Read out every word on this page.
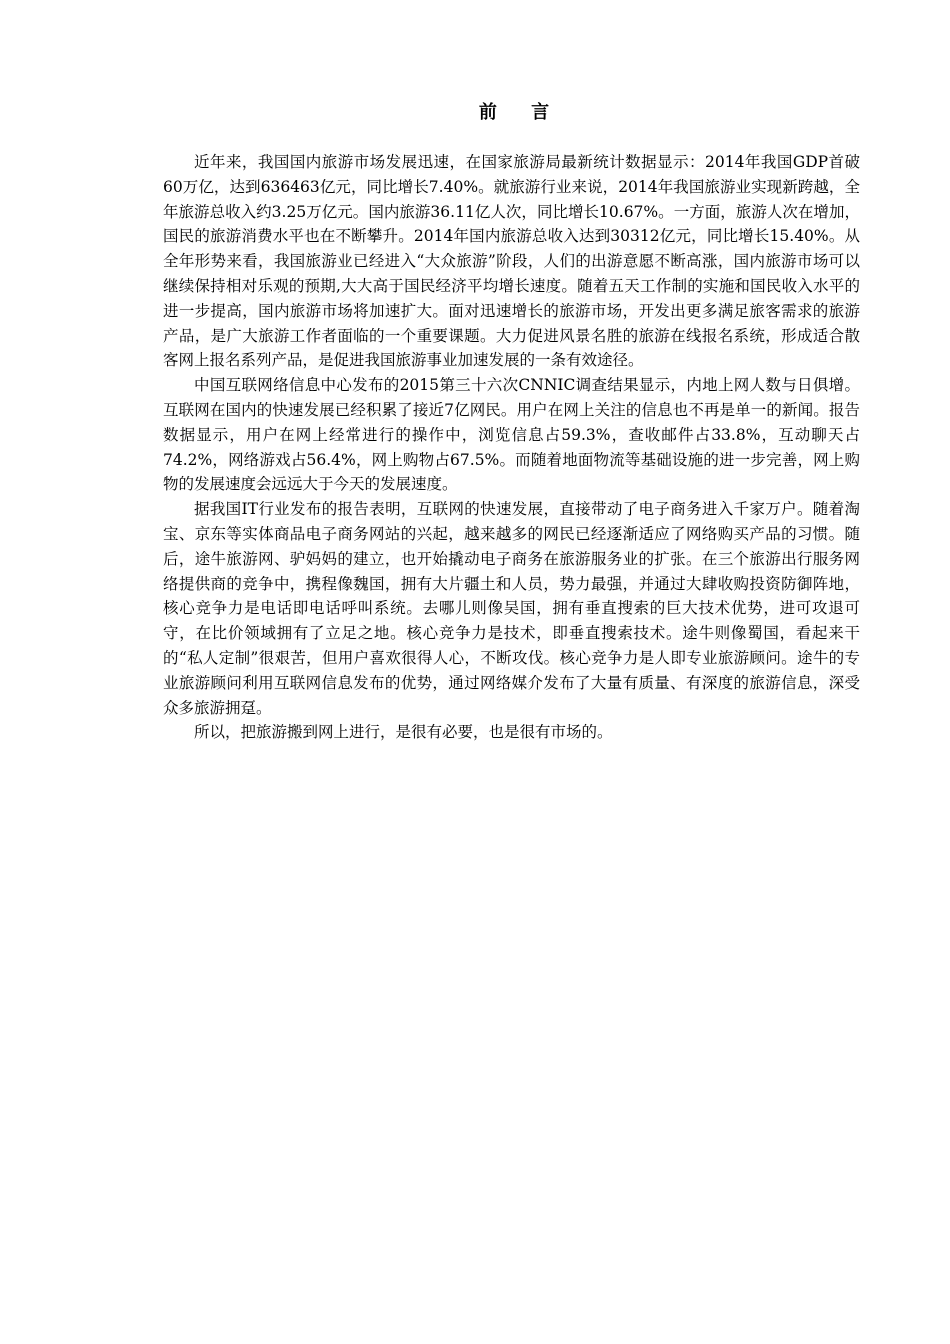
前 言

近年来，我国国内旅游市场发展迅速，在国家旅游局最新统计数据显示：2014年我国GDP首破60万亿，达到636463亿元，同比增长7.40%。就旅游行业来说，2014年我国旅游业实现新跨越，全年旅游总收入约3.25万亿元。国内旅游36.11亿人次，同比增长10.67%。一方面，旅游人次在增加，国民的旅游消费水平也在不断攀升。2014年国内旅游总收入达到30312亿元，同比增长15.40%。从全年形势来看，我国旅游业已经进入“大众旅游”阶段，人们的出游意愿不断高涨，国内旅游市场可以继续保持相对乐观的预期,大大高于国民经济平均增长速度。随着五天工作制的实施和国民收入水平的进一步提高，国内旅游市场将加速扩大。面对迅速增长的旅游市场，开发出更多满足旅客需求的旅游产品，是广大旅游工作者面临的一个重要课题。大力促进风景名胜的旅游在线报名系统，形成适合散客网上报名系列产品，是促进我国旅游事业加速发展的一条有效途径。

中国互联网络信息中心发布的2015第三十六次CNNIC调查结果显示，内地上网人数与日俱增。互联网在国内的快速发展已经积累了接近7亿网民。用户在网上关注的信息也不再是单一的新闻。报告数据显示，用户在网上经常进行的操作中，浏览信息占59.3%，查收邮件占33.8%，互动聊天占74.2%，网络游戏占56.4%，网上购物占67.5%。而随着地面物流等基础设施的进一步完善，网上购物的发展速度会远远大于今天的发展速度。

据我国IT行业发布的报告表明，互联网的快速发展，直接带动了电子商务进入千家万户。随着淘宝、京东等实体商品电子商务网站的兴起，越来越多的网民已经逐渐适应了网络购买产品的习惯。随后，途牛旅游网、驴妈妈的建立，也开始撬动电子商务在旅游服务业的扩张。在三个旅游出行服务网络提供商的竞争中，携程像魏国，拥有大片疆土和人员，势力最强，并通过大肆收购投资防御阵地，核心竞争力是电话即电话呼叫系统。去哪儿则像吴国，拥有垂直搜索的巨大技术优势，进可攻退可守，在比价领域拥有了立足之地。核心竞争力是技术，即垂直搜索技术。途牛则像蜀国，看起来干的“私人定制”很艰苦，但用户喜欢很得人心，不断攻伐。核心竞争力是人即专业旅游顾问。途牛的专业旅游顾问利用互联网信息发布的优势，通过网络媒介发布了大量有质量、有深度的旅游信息，深受众多旅游拥趸。

所以，把旅游搬到网上进行，是很有必要，也是很有市场的。
